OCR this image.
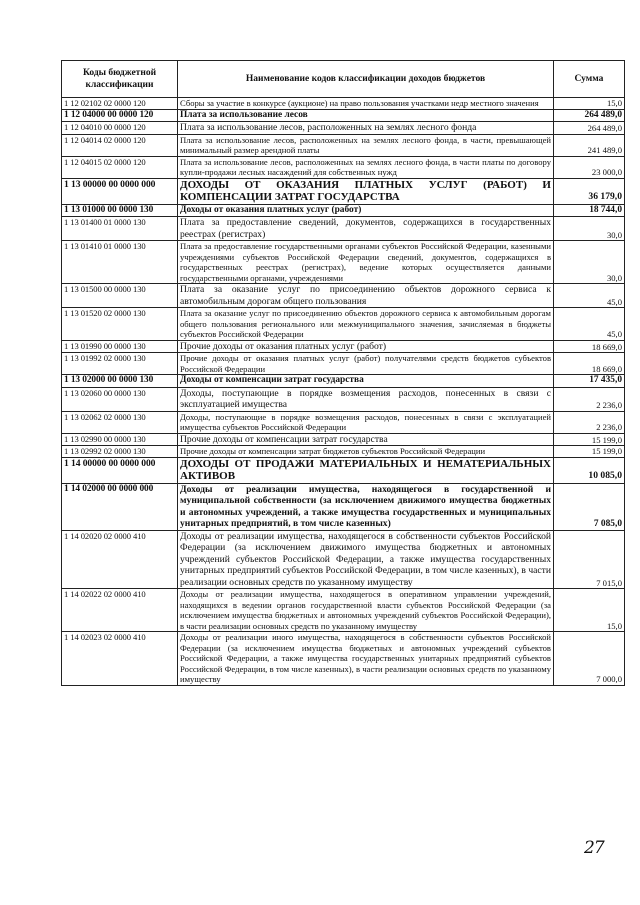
Коды бюджетной классификации	Наименование кодов классификации доходов бюджетов	Сумма
1 12 02102 02 0000 120	Сборы за участие в конкурсе (аукционе) на право пользования участками недр местного значения	15,0
1 12 04000 00 0000 120	Плата за использование лесов	264 489,0
1 12 04010 00 0000 120	Плата за использование лесов, расположенных на землях лесного фонда	264 489,0
1 12 04014 02 0000 120	Плата за использование лесов, расположенных на землях лесного фонда, в части, превышающей минимальный размер арендной платы	241 489,0
1 12 04015 02 0000 120	Плата за использование лесов, расположенных на землях лесного фонда, в части платы по договору купли-продажи лесных насаждений для собственных нужд	23 000,0
1 13 00000 00 0000 000	ДОХОДЫ ОТ ОКАЗАНИЯ ПЛАТНЫХ УСЛУГ (РАБОТ) И КОМПЕНСАЦИИ ЗАТРАТ ГОСУДАРСТВА	36 179,0
1 13 01000 00 0000 130	Доходы от оказания платных услуг (работ)	18 744,0
1 13 01400 01 0000 130	Плата за предоставление сведений, документов, содержащихся в государственных реестрах (регистрах)	30,0
1 13 01410 01 0000 130	Плата за предоставление государственными органами субъектов Российской Федерации, казенными учреждениями субъектов Российской Федерации сведений, документов, содержащихся в государственных реестрах (регистрах), ведение которых осуществляется данными государственными органами, учреждениями	30,0
1 13 01500 00 0000 130	Плата за оказание услуг по присоединению объектов дорожного сервиса к автомобильным дорогам общего пользования	45,0
1 13 01520 02 0000 130	Плата за оказание услуг по присоединению объектов дорожного сервиса к автомобильным дорогам общего пользования регионального или межмуниципального значения, зачисляемая в бюджеты субъектов Российской Федерации	45,0
1 13 01990 00 0000 130	Прочие доходы от оказания платных услуг (работ)	18 669,0
1 13 01992 02 0000 130	Прочие доходы от оказания платных услуг (работ) получателями средств бюджетов субъектов Российской Федерации	18 669,0
1 13 02000 00 0000 130	Доходы от компенсации затрат государства	17 435,0
1 13 02060 00 0000 130	Доходы, поступающие в порядке возмещения расходов, понесенных в связи с эксплуатацией имущества	2 236,0
1 13 02062 02 0000 130	Доходы, поступающие в порядке возмещения расходов, понесенных в связи с эксплуатацией имущества субъектов Российской Федерации	2 236,0
1 13 02990 00 0000 130	Прочие доходы от компенсации затрат государства	15 199,0
1 13 02992 02 0000 130	Прочие доходы от компенсации затрат бюджетов субъектов Российской Федерации	15 199,0
1 14 00000 00 0000 000	ДОХОДЫ ОТ ПРОДАЖИ МАТЕРИАЛЬНЫХ И НЕМАТЕРИАЛЬНЫХ АКТИВОВ	10 085,0
1 14 02000 00 0000 000	Доходы от реализации имущества, находящегося в государственной и муниципальной собственности (за исключением движимого имущества бюджетных и автономных учреждений, а также имущества государственных и муниципальных унитарных предприятий, в том числе казенных)	7 085,0
1 14 02020 02 0000 410	Доходы от реализации имущества, находящегося в собственности субъектов Российской Федерации (за исключением движимого имущества бюджетных и автономных учреждений субъектов Российской Федерации, а также имущества государственных унитарных предприятий субъектов Российской Федерации, в том числе казенных), в части реализации основных средств по указанному имуществу	7 015,0
1 14 02022 02 0000 410	Доходы от реализации имущества, находящегося в оперативном управлении учреждений, находящихся в ведении органов государственной власти субъектов Российской Федерации (за исключением имущества бюджетных и автономных учреждений субъектов Российской Федерации), в части реализации основных средств по указанному имуществу	15,0
1 14 02023 02 0000 410	Доходы от реализации иного имущества, находящегося в собственности субъектов Российской Федерации (за исключением имущества бюджетных и автономных учреждений субъектов Российской Федерации, а также имущества государственных унитарных предприятий субъектов Российской Федерации, в том числе казенных), в части реализации основных средств по указанному имуществу	7 000,0
27
